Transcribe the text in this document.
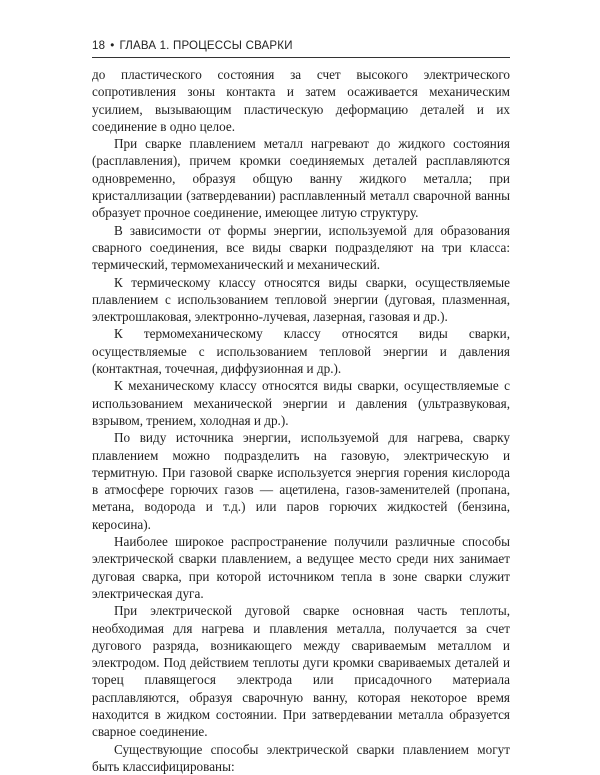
18 • ГЛАВА 1. ПРОЦЕССЫ СВАРКИ

до пластического состояния за счет высокого электрического сопротивления зоны контакта и затем осаживается механическим усилием, вызывающим пластическую деформацию деталей и их соединение в одно целое.

При сварке плавлением металл нагревают до жидкого состояния (расплавления), причем кромки соединяемых деталей расплавляются одновременно, образуя общую ванну жидкого металла; при кристаллизации (затвердевании) расплавленный металл сварочной ванны образует прочное соединение, имеющее литую структуру.

В зависимости от формы энергии, используемой для образования сварного соединения, все виды сварки подразделяют на три класса: термический, термомеханический и механический.

К термическому классу относятся виды сварки, осуществляемые плавлением с использованием тепловой энергии (дуговая, плазменная, электрошлаковая, электронно-лучевая, лазерная, газовая и др.).

К термомеханическому классу относятся виды сварки, осуществляемые с использованием тепловой энергии и давления (контактная, точечная, диффузионная и др.).

К механическому классу относятся виды сварки, осуществляемые с использованием механической энергии и давления (ультразвуковая, взрывом, трением, холодная и др.).

По виду источника энергии, используемой для нагрева, сварку плавлением можно подразделить на газовую, электрическую и термитную. При газовой сварке используется энергия горения кислорода в атмосфере горючих газов — ацетилена, газов-заменителей (пропана, метана, водорода и т.д.) или паров горючих жидкостей (бензина, керосина).

Наиболее широкое распространение получили различные способы электрической сварки плавлением, а ведущее место среди них занимает дуговая сварка, при которой источником тепла в зоне сварки служит электрическая дуга.

При электрической дуговой сварке основная часть теплоты, необходимая для нагрева и плавления металла, получается за счет дугового разряда, возникающего между свариваемым металлом и электродом. Под действием теплоты дуги кромки свариваемых деталей и торец плавящегося электрода или присадочного материала расплавляются, образуя сварочную ванну, которая некоторое время находится в жидком состоянии. При затвердевании металла образуется сварное соединение.

Существующие способы электрической сварки плавлением могут быть классифицированы:
